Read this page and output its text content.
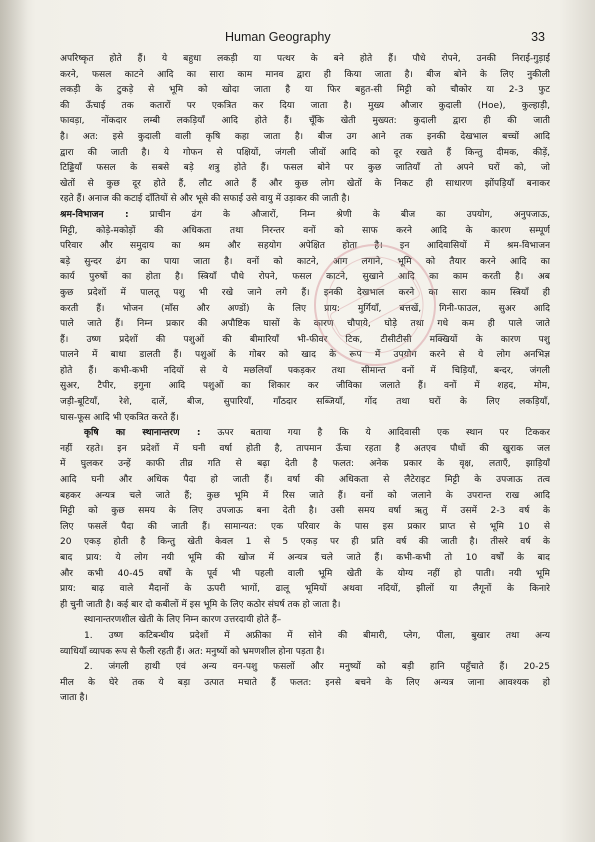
Human Geography	33
अपरिष्कृत होते हैं। ये बहुधा लकड़ी या पत्थर के बने होते हैं। पौधे रोपने, उनकी निराई-गुड़ाई
करने, फसल काटने आदि का सारा काम मानव द्वारा ही किया जाता है। बीज बोने के लिए नुकीली
लकड़ी के टुकड़े से भूमि को खोदा जाता है या फिर बहुत-सी मिट्टी को चौकोर या 2-3 फुट
की ऊँचाई तक कतारों पर एकत्रित कर दिया जाता है। मुख्य औजार कुदाली (Hoe), कुल्हाड़ी,
फावड़ा, नोंकदार लम्बी लकड़ियाँ आदि होते हैं। चूँकि खेती मुख्यत: कुदाली द्वारा ही की जाती
है। अत: इसे कुदाली वाली कृषि कहा जाता है। बीज उग आने तक इनकी देखभाल बच्चों आदि
द्वारा की जाती है। ये गोफन से पक्षियों, जंगली जीवों आदि को दूर रखते हैं किन्तु दीमक, कीड़ें,
टिड्डियाँ फसल के सबसे बड़े शत्रु होते हैं। फसल बोने पर कुछ जातियाँ तो अपने घरों को, जो
खेतों से कुछ दूर होते हैं, लौट आते हैं और कुछ लोग खेतों के निकट ही साधारण झोंपड़ियाँ बनाकर
रहते हैं। अनाज की कटाई दाँतियों से और भूसे की सफाई उसे वायु में उड़ाकर की जाती है।
श्रम-विभाजन : प्राचीन ढंग के औजारों, निम्न श्रेणी के बीज का उपयोग, अनुपजाऊ,
मिट्टी, कोड़े-मकोड़ों की अधिकता तथा निरन्तर वनों को साफ करने आदि के कारण सम्पूर्ण
परिवार और समुदाय का श्रम और सहयोग अपेक्षित होता है। इन आदिवासियों में श्रम-विभाजन
बड़े सुन्दर ढंग का पाया जाता है। वनों को काटने, आग लगाने, भूमि को तैयार करने आदि का
कार्य पुरुषों का होता है। स्त्रियाँ पौधे रोपने, फसल काटने, सुखाने आदि का काम करती है। अब
कुछ प्रदेशों में पालतू पशु भी रखे जाने लगे हैं। इनकी देखभाल करने का सारा काम स्त्रियाँ ही
करती हैं। भोजन (माँस और अण्डों) के लिए प्राय: मुर्गियाँ, बत्तखें, गिनी-फाउल, सुअर आदि
पाले जाते हैं। निम्न प्रकार की अपौष्टिक घासों के कारण चौपाये, घोड़े तथा गधे कम ही पाले जाते
हैं। उष्ण प्रदेशों की पशुओं की बीमारियाँ भी-फीवर टिक, टीसीटीसी मक्खियों के कारण पशु
पालने में बाधा डालती हैं। पशुओं के गोबर को खाद के रूप में उपयोग करने से ये लोग अनभिज्ञ
होते हैं। कभी-कभी नदियों से ये मछलियाँ पकड़कर तथा सीमान्त वनों में चिड़ियाँ, बन्दर, जंगली
सुअर, टैपीर, इगुना आदि पशुओं का शिकार कर जीविका जलाते हैं। वनों में शहद, मोम,
जड़ी-बूटियाँ, रेशे, दालें, बीज, सुपारियाँ, गाँठदार सब्जियाँ, गोंद तथा घरों के लिए लकड़ियाँ,
घास-फूस आदि भी एकत्रित करते हैं।
कृषि का स्थानान्तरण : ऊपर बताया गया है कि ये आदिवासी एक स्थान पर टिककर
नहीं रहते। इन प्रदेशों में घनी वर्षा होती है, तापमान ऊँचा रहता है अतएव पौधों की खुराक जल
में घुलकर उन्हें काफी तीव्र गति से बढ़ा देती है फलत: अनेक प्रकार के वृक्ष, लताएँ, झाड़ियाँ
आदि घनी और अधिक पैदा हो जाती हैं। वर्षा की अधिकता से लैटेराइट मिट्टी के उपजाऊ तत्व
बहकर अन्यत्र चले जाते हैं; कुछ भूमि में रिस जाते हैं। वनों को जलाने के उपरान्त राख आदि
मिट्टी को कुछ समय के लिए उपजाऊ बना देती है। उसी समय वर्षा ऋतु में उसमें 2-3 वर्ष के
लिए फसलें पैदा की जाती हैं। सामान्यत: एक परिवार के पास इस प्रकार प्राप्त से भूमि 10 से
20 एकड़ होती है किन्तु खेती केवल 1 से 5 एकड़ पर ही प्रति वर्ष की जाती है। तीसरे वर्ष के
बाद प्राय: ये लोग नयी भूमि की खोज में अन्यत्र चले जाते हैं। कभी-कभी तो 10 वर्षों के बाद
और कभी 40-45 वर्षों के पूर्व भी पहली वाली भूमि खेती के योग्य नहीं हो पाती। नयी भूमि
प्राय: बाढ़ वाले मैदानों के ऊपरी भागों, ढालू भूमियों अथवा नदियों, झीलों या लैगूनों के किनारे
ही चुनी जाती है। कई बार दो कबीलों में इस भूमि के लिए कठोर संघर्ष तक हो जाता है।
स्थानान्तरणशील खेती के लिए निम्न कारण उत्तरदायी होते हैं–
1. उष्ण कटिबन्धीय प्रदेशों में अफ्रीका में सोने की बीमारी, प्लेग, पीला, बुखार तथा अन्य
व्याधियाँ व्यापक रूप से फैली रहती हैं। अत: मनुष्यों को भ्रमणशील होना पड़ता है।
2. जंगली हाथी एवं अन्य वन-पशु फसलों और मनुष्यों को बड़ी हानि पहुँचाते हैं। 20-25
मील के घेरे तक ये बड़ा उत्पात मचाते हैं फलत: इनसे बचने के लिए अन्यत्र जाना आवश्यक हो
जाता है।
